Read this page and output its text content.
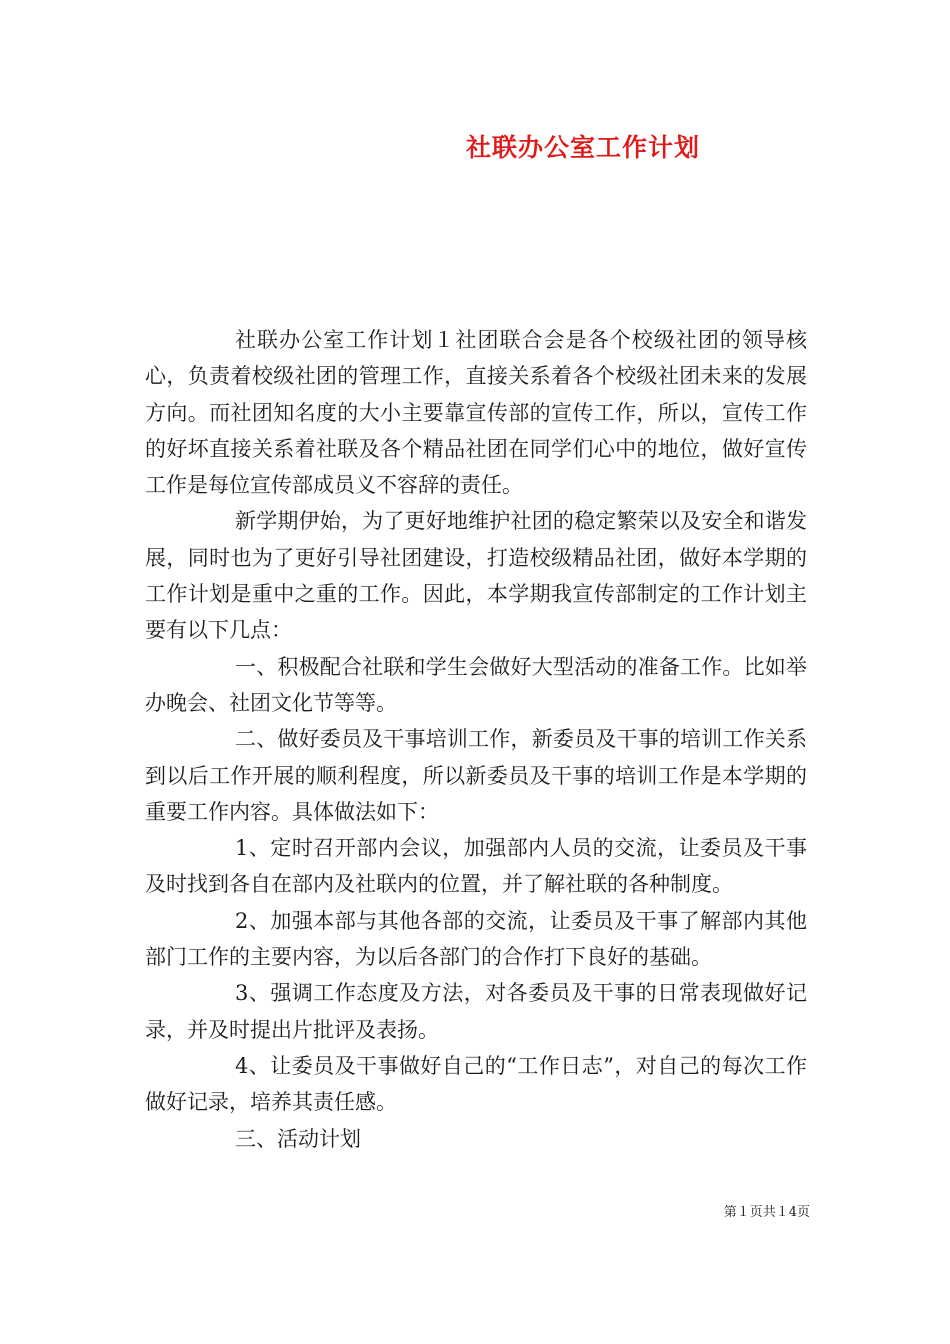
社联办公室工作计划

社联办公室工作计划１社团联合会是各个校级社团的领导核心，负责着校级社团的管理工作，直接关系着各个校级社团未来的发展方向。而社团知名度的大小主要靠宣传部的宣传工作，所以，宣传工作的好坏直接关系着社联及各个精品社团在同学们心中的地位，做好宣传工作是每位宣传部成员义不容辞的责任。

新学期伊始，为了更好地维护社团的稳定繁荣以及安全和谐发展，同时也为了更好引导社团建设，打造校级精品社团，做好本学期的工作计划是重中之重的工作。因此，本学期我宣传部制定的工作计划主要有以下几点：

一、积极配合社联和学生会做好大型活动的准备工作。比如举办晚会、社团文化节等等。

二、做好委员及干事培训工作，新委员及干事的培训工作关系到以后工作开展的顺利程度，所以新委员及干事的培训工作是本学期的重要工作内容。具体做法如下：

1、定时召开部内会议，加强部内人员的交流，让委员及干事及时找到各自在部内及社联内的位置，并了解社联的各种制度。

2、加强本部与其他各部的交流，让委员及干事了解部内其他部门工作的主要内容，为以后各部门的合作打下良好的基础。

3、强调工作态度及方法，对各委员及干事的日常表现做好记录，并及时提出片批评及表扬。

4、让委员及干事做好自己的“工作日志”，对自己的每次工作做好记录，培养其责任感。

三、活动计划

第１页共１4页
